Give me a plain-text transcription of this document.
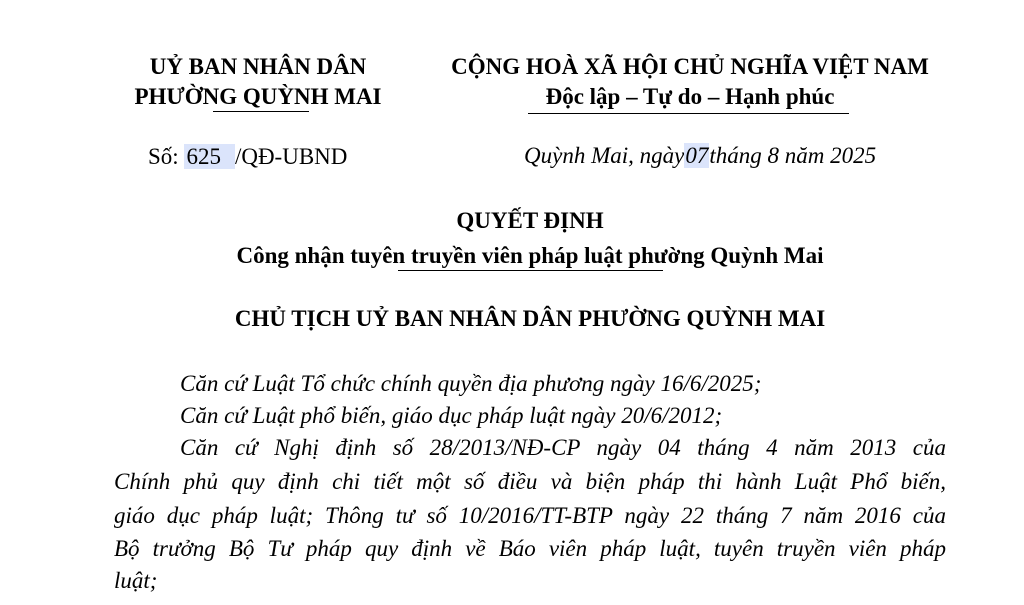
UỶ BAN NHÂN DÂN
PHƯỜNG QUỲNH MAI
CỘNG HOÀ XÃ HỘI CHỦ NGHĨA VIỆT NAM
Độc lập – Tự do – Hạnh phúc
Số: 625 /QĐ-UBND	Quỳnh Mai, ngày07tháng 8 năm 2025
QUYẾT ĐỊNH
Công nhận tuyên truyền viên pháp luật phường Quỳnh Mai
CHỦ TỊCH UỶ BAN NHÂN DÂN PHƯỜNG QUỲNH MAI
Căn cứ Luật Tổ chức chính quyền địa phương ngày 16/6/2025;
Căn cứ Luật phổ biến, giáo dục pháp luật ngày 20/6/2012;
Căn cứ Nghị định số 28/2013/NĐ-CP ngày 04 tháng 4 năm 2013 của
Chính phủ quy định chi tiết một số điều và biện pháp thi hành Luật Phổ biến,
giáo dục pháp luật; Thông tư số 10/2016/TT-BTP ngày 22 tháng 7 năm 2016 của
Bộ trưởng Bộ Tư pháp quy định về Báo viên pháp luật, tuyên truyền viên pháp
luật;
